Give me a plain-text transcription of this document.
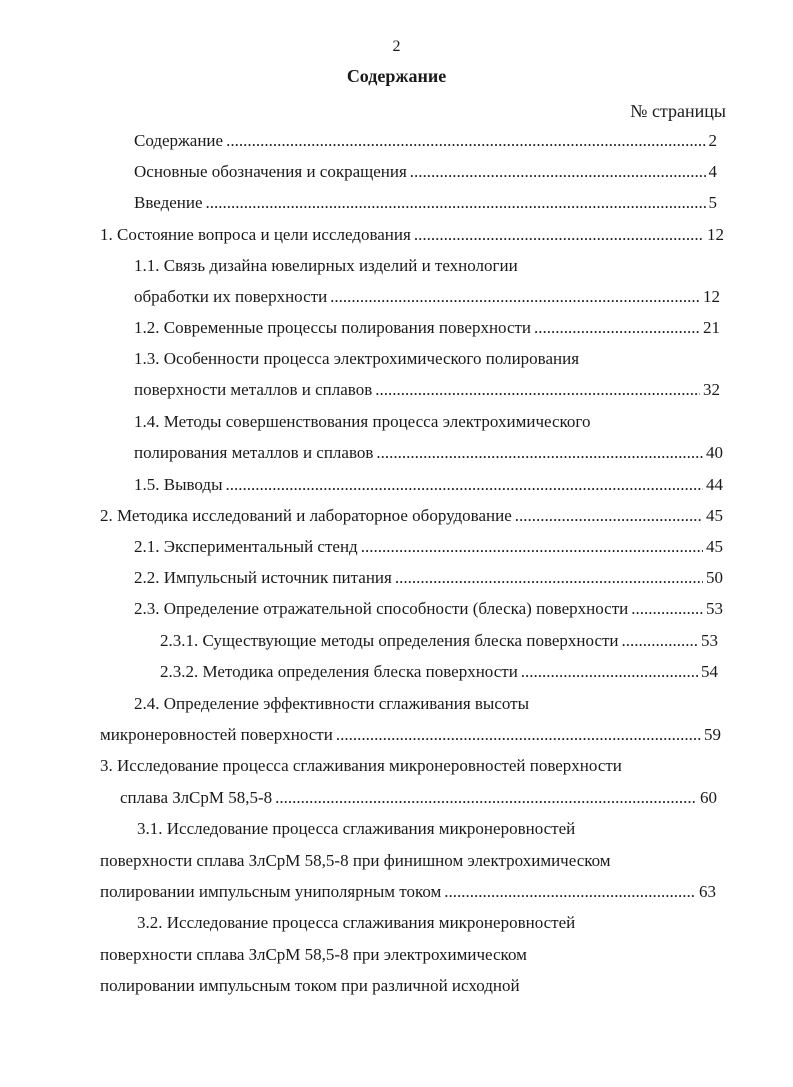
2
Содержание
№ страницы
Содержание .....	2
Основные обозначения и сокращения .....	4
Введение .....	5
1. Состояние вопроса и цели исследования .....	12
1.1. Связь дизайна ювелирных изделий и технологии
обработки их поверхности .....	12
1.2. Современные процессы полирования поверхности .....	21
1.3. Особенности процесса электрохимического полирования
поверхности металлов и сплавов .....	32
1.4. Методы совершенствования процесса электрохимического
полирования металлов и сплавов .....	40
1.5. Выводы .....	44
2. Методика исследований и лабораторное оборудование .....	45
2.1. Экспериментальный стенд .....	45
2.2. Импульсный источник питания .....	50
2.3. Определение отражательной способности (блеска) поверхности .....	53
2.3.1. Существующие методы определения блеска поверхности .....	53
2.3.2. Методика определения блеска поверхности .....	54
2.4. Определение эффективности сглаживания высоты
микронеровностей поверхности .....	59
3. Исследование процесса сглаживания микронеровностей поверхности
сплава ЗлСрМ 58,5-8 .....	60
3.1. Исследование процесса сглаживания микронеровностей
поверхности сплава ЗлСрМ 58,5-8 при финишном электрохимическом
полировании импульсным униполярным током .....	63
3.2. Исследование процесса сглаживания микронеровностей
поверхности сплава ЗлСрМ 58,5-8 при электрохимическом
полировании импульсным током при различной исходной
